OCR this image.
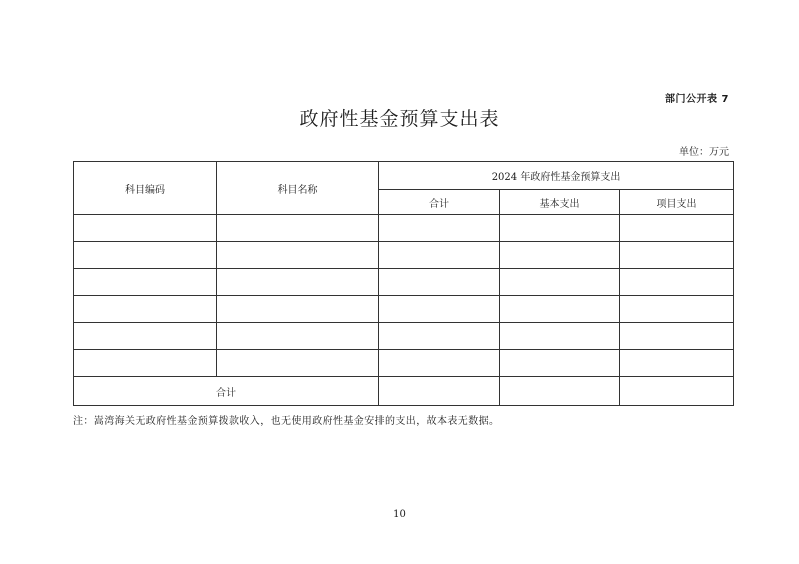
部门公开表 7
政府性基金预算支出表
单位：万元
科目编码	科目名称	2024 年政府性基金预算支出		
		合计	基本支出	项目支出

合计				
注：嵩湾海关无政府性基金预算拨款收入，也无使用政府性基金安排的支出，故本表无数据。
10
